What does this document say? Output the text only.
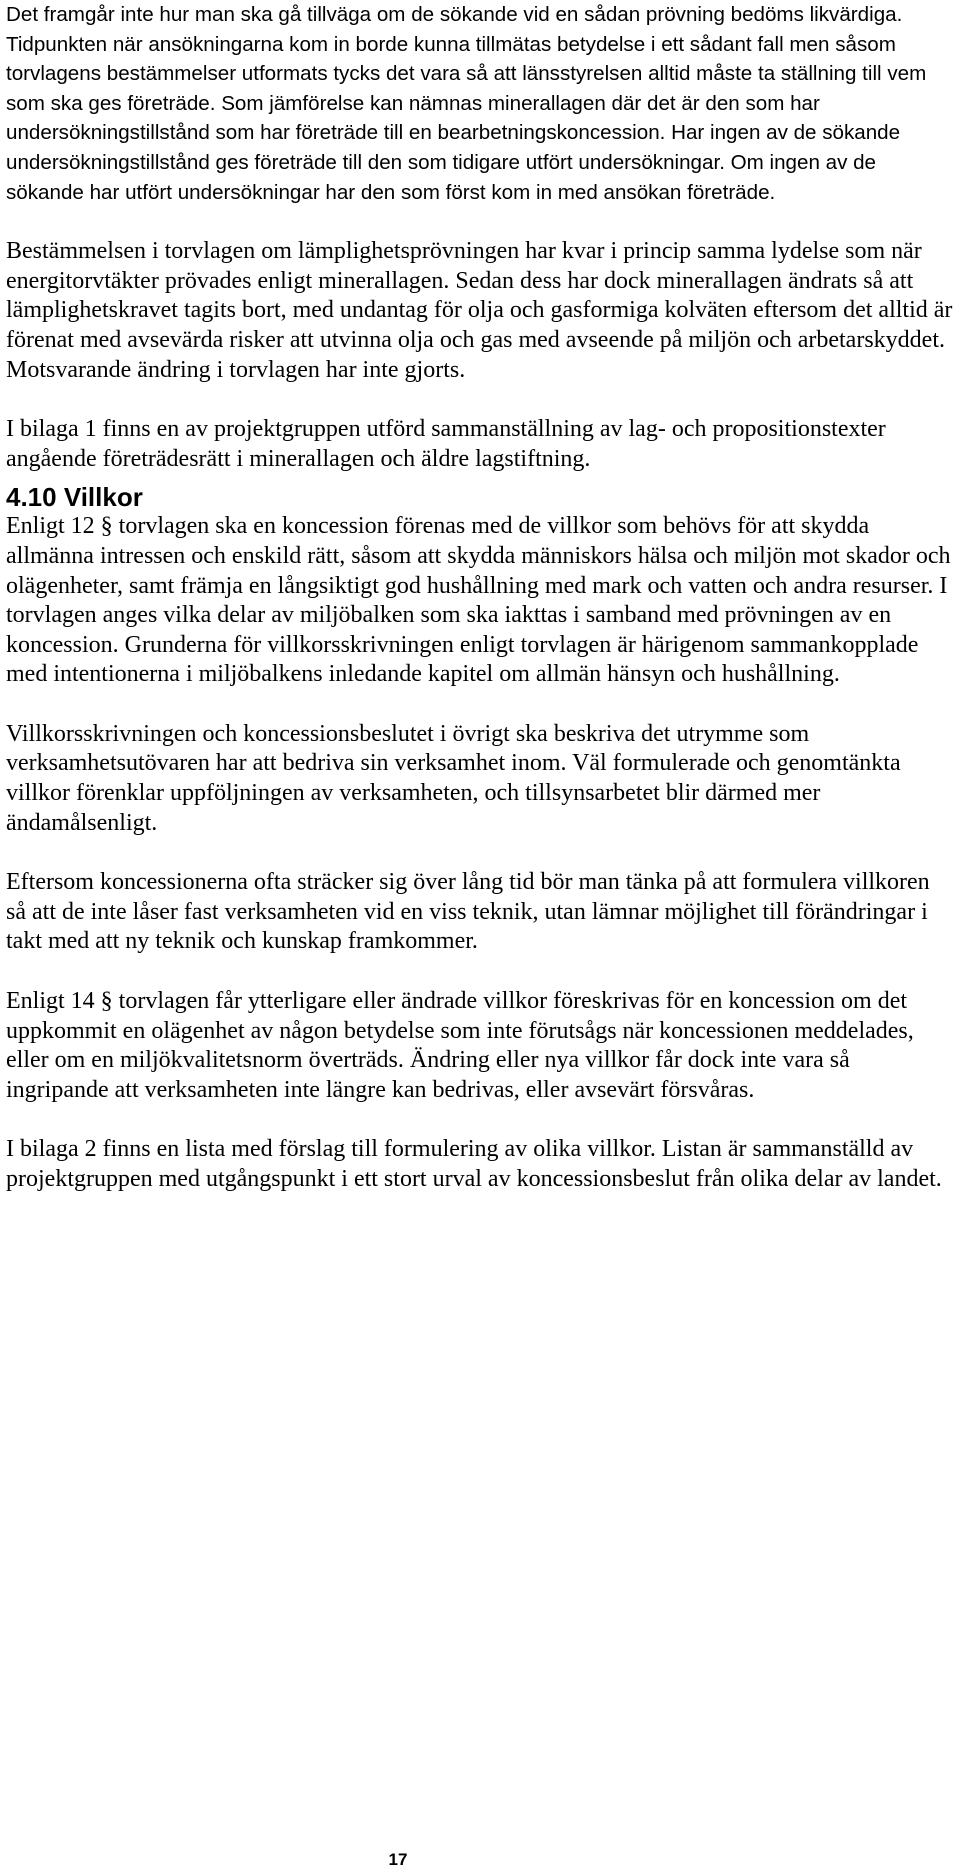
Det framgår inte hur man ska gå tillväga om de sökande vid en sådan prövning bedöms likvärdiga. Tidpunkten när ansökningarna kom in borde kunna tillmätas betydelse i ett sådant fall men såsom torvlagens bestämmelser utformats tycks det vara så att länsstyrelsen alltid måste ta ställning till vem som ska ges företräde. Som jämförelse kan nämnas minerallagen där det är den som har undersökningstillstånd som har företräde till en bearbetningskoncession. Har ingen av de sökande undersökningstillstånd ges företräde till den som tidigare utfört undersökningar. Om ingen av de sökande har utfört undersökningar har den som först kom in med ansökan företräde.

Bestämmelsen i torvlagen om lämplighetsprövningen har kvar i princip samma lydelse som när energitorvtäkter prövades enligt minerallagen. Sedan dess har dock minerallagen ändrats så att lämplighetskravet tagits bort, med undantag för olja och gasformiga kolväten eftersom det alltid är förenat med avsevärda risker att utvinna olja och gas med avseende på miljön och arbetarskyddet. Motsvarande ändring i torvlagen har inte gjorts.

I bilaga 1 finns en av projektgruppen utförd sammanställning av lag- och propositionstexter angående företrädesrätt i minerallagen och äldre lagstiftning.

4.10 Villkor

Enligt 12 § torvlagen ska en koncession förenas med de villkor som behövs för att skydda allmänna intressen och enskild rätt, såsom att skydda människors hälsa och miljön mot skador och olägenheter, samt främja en långsiktigt god hushållning med mark och vatten och andra resurser. I torvlagen anges vilka delar av miljöbalken som ska iakttas i samband med prövningen av en koncession. Grunderna för villkorsskrivningen enligt torvlagen är härigenom sammankopplade med intentionerna i miljöbalkens inledande kapitel om allmän hänsyn och hushållning.

Villkorsskrivningen och koncessionsbeslutet i övrigt ska beskriva det utrymme som verksamhetsutövaren har att bedriva sin verksamhet inom. Väl formulerade och genomtänkta villkor förenklar uppföljningen av verksamheten, och tillsynsarbetet blir därmed mer ändamålsenligt.

Eftersom koncessionerna ofta sträcker sig över lång tid bör man tänka på att formulera villkoren så att de inte låser fast verksamheten vid en viss teknik, utan lämnar möjlighet till förändringar i takt med att ny teknik och kunskap framkommer.

Enligt 14 § torvlagen får ytterligare eller ändrade villkor föreskrivas för en koncession om det uppkommit en olägenhet av någon betydelse som inte förutsågs när koncessionen meddelades, eller om en miljökvalitetsnorm överträds. Ändring eller nya villkor får dock inte vara så ingripande att verksamheten inte längre kan bedrivas, eller avsevärt försvåras.

I bilaga 2 finns en lista med förslag till formulering av olika villkor. Listan är sammanställd av projektgruppen med utgångspunkt i ett stort urval av koncessionsbeslut från olika delar av landet.

17
